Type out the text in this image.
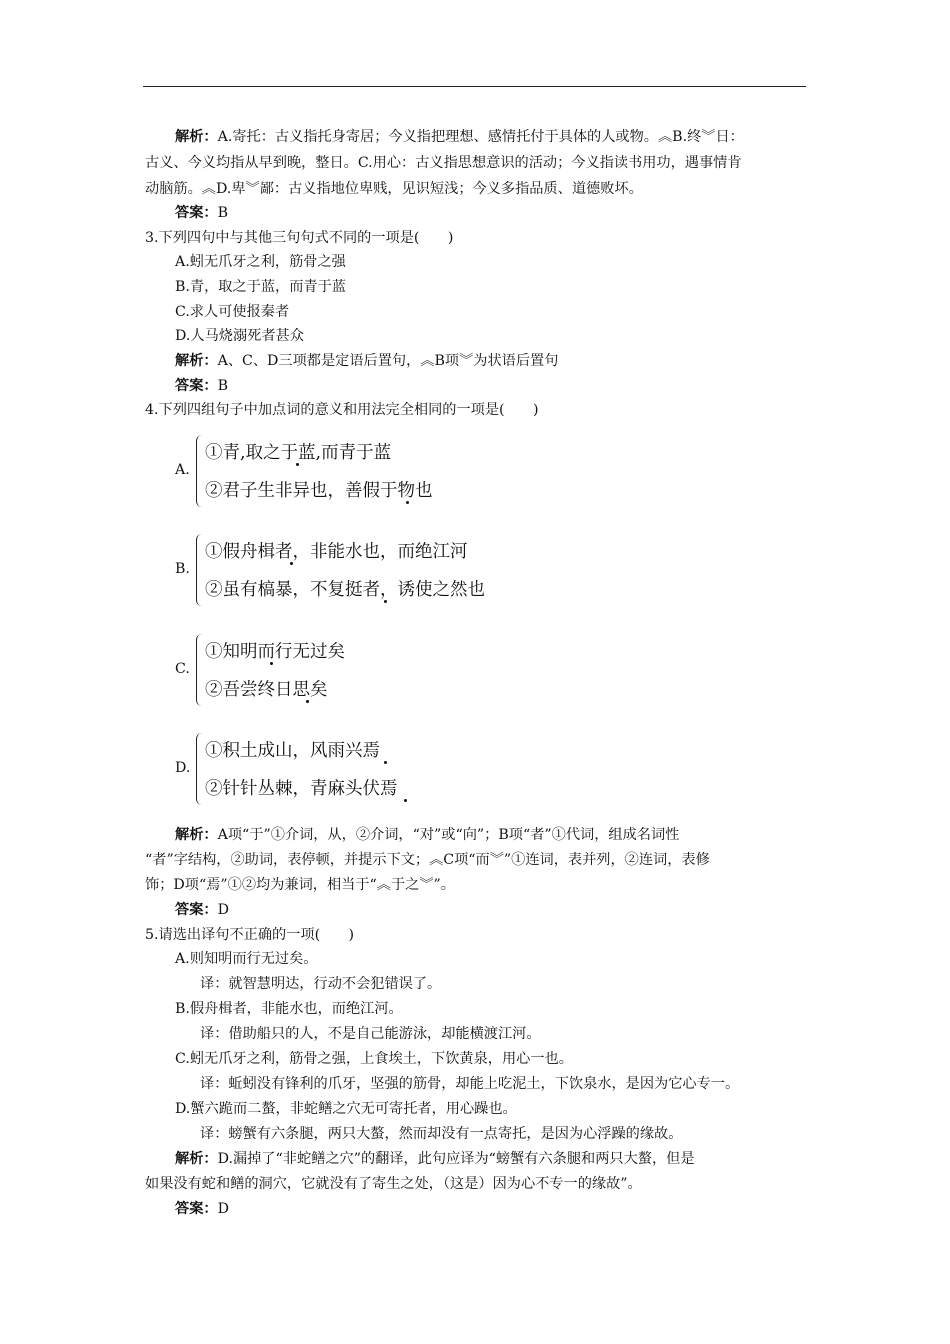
解析：A.寄托：古义指托身寄居；今义指把理想、感情托付于具体的人或物。︽B.终︾日：
古义、今义均指从早到晚，整日。C.用心：古义指思想意识的活动；今义指读书用功，遇事情肯
动脑筋。︽D.卑︾鄙：古义指地位卑贱，见识短浅；今义多指品质、道德败坏。
答案：B
3.下列四句中与其他三句句式不同的一项是(　　)
A.蚓无爪牙之利，筋骨之强
B.青，取之于蓝，而青于蓝
C.求人可使报秦者
D.人马烧溺死者甚众
解析：A、C、D三项都是定语后置句，︽B项︾为状语后置句
答案：B
4.下列四组句子中加点词的意义和用法完全相同的一项是(　　)
A.
①青,取之于蓝,而青于蓝
②君子生非异也，善假于物也
B.
①假舟楫者，非能水也，而绝江河
②虽有槁暴，不复挺者，诱使之然也
C.
①知明而行无过矣
②吾尝终日思矣
D.
①积土成山，风雨兴焉
②针针丛棘，青麻头伏焉
解析：A项“于”①介词，从，②介词，“对”或“向”；B项“者”①代词，组成名词性
“者”字结构，②助词，表停顿，并提示下文；︽C项“而︾”①连词，表并列，②连词，表修
饰；D项“焉”①②均为兼词，相当于“︽于之︾”。
答案：D
5.请选出译句不正确的一项(　　)
A.则知明而行无过矣。
译：就智慧明达，行动不会犯错误了。
B.假舟楫者，非能水也，而绝江河。
译：借助船只的人，不是自己能游泳，却能横渡江河。
C.蚓无爪牙之利，筋骨之强，上食埃土，下饮黄泉，用心一也。
译：蚯蚓没有锋利的爪牙，坚强的筋骨，却能上吃泥土，下饮泉水，是因为它心专一。
D.蟹六跪而二螯，非蛇鳝之穴无可寄托者，用心躁也。
译：螃蟹有六条腿，两只大螯，然而却没有一点寄托，是因为心浮躁的缘故。
解析：D.漏掉了“非蛇鳝之穴”的翻译，此句应译为“螃蟹有六条腿和两只大螯，但是
如果没有蛇和鳝的洞穴，它就没有了寄生之处，（这是）因为心不专一的缘故”。
答案：D
